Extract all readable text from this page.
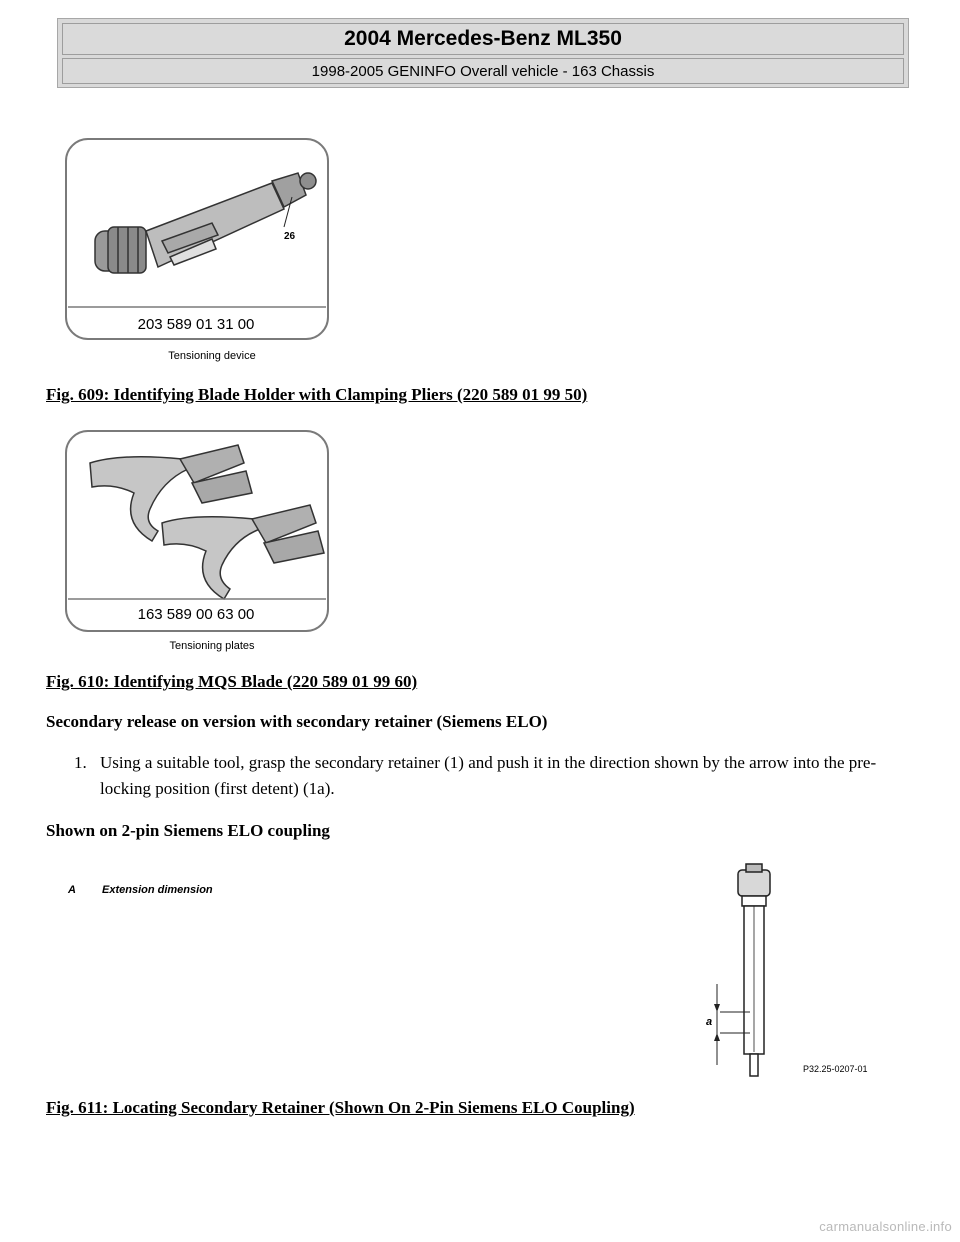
2004 Mercedes-Benz ML350
1998-2005 GENINFO Overall vehicle - 163 Chassis
26
203 589 01 31 00
Tensioning device
Fig. 609: Identifying Blade Holder with Clamping Pliers (220 589 01 99 50)
163 589 00 63 00
Tensioning plates
Fig. 610: Identifying MQS Blade (220 589 01 99 60)
Secondary release on version with secondary retainer (Siemens ELO)
1. Using a suitable tool, grasp the secondary retainer (1) and push it in the direction shown by the arrow into the pre-locking position (first detent) (1a).
Shown on 2-pin Siemens ELO coupling
A Extension dimension
a
P32.25-0207-01
Fig. 611: Locating Secondary Retainer (Shown On 2-Pin Siemens ELO Coupling)
carmanualsonline.info
